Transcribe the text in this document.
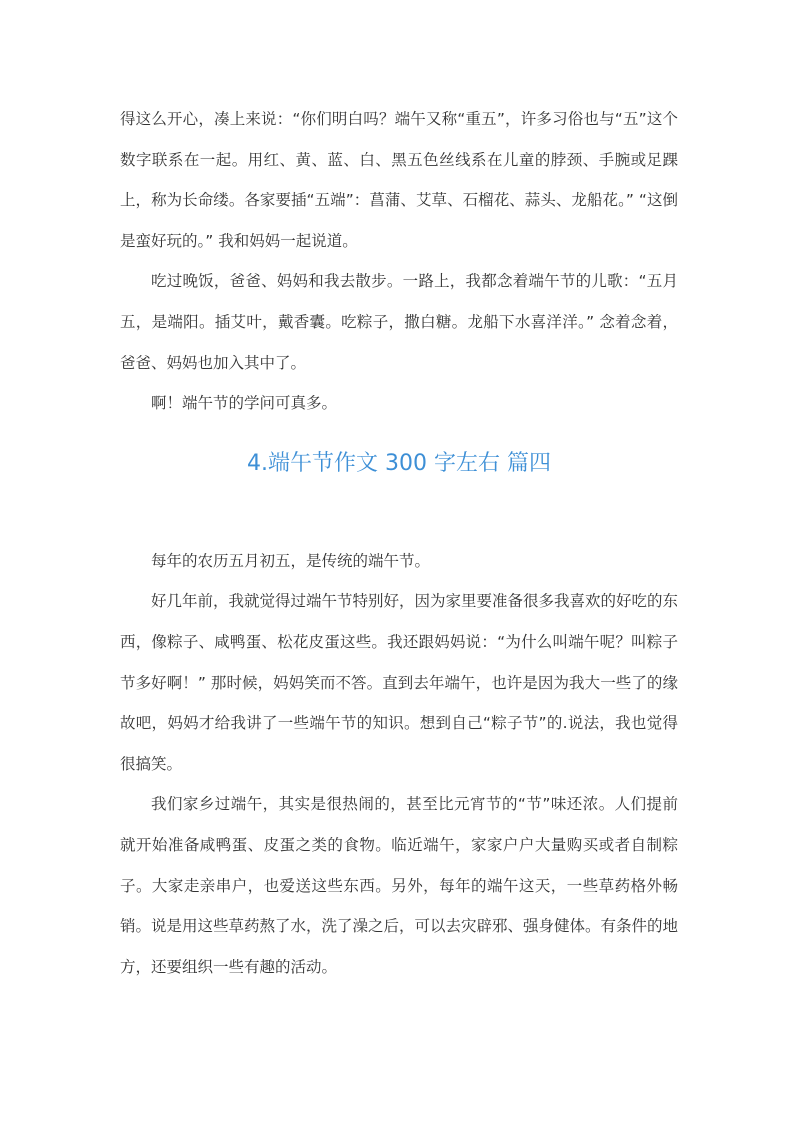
得这么开心，凑上来说：“你们明白吗？端午又称“重五”，许多习俗也与“五”这个数字联系在一起。用红、黄、蓝、白、黑五色丝线系在儿童的脖颈、手腕或足踝上，称为长命缕。各家要插“五端”：菖蒲、艾草、石榴花、蒜头、龙船花。” “这倒是蛮好玩的。” 我和妈妈一起说道。

吃过晚饭，爸爸、妈妈和我去散步。一路上，我都念着端午节的儿歌：“五月五，是端阳。插艾叶，戴香囊。吃粽子，撒白糖。龙船下水喜洋洋。” 念着念着，爸爸、妈妈也加入其中了。

啊！端午节的学问可真多。

4.端午节作文 300 字左右 篇四

每年的农历五月初五，是传统的端午节。

好几年前，我就觉得过端午节特别好，因为家里要准备很多我喜欢的好吃的东西，像粽子、咸鸭蛋、松花皮蛋这些。我还跟妈妈说：“为什么叫端午呢？叫粽子节多好啊！” 那时候，妈妈笑而不答。直到去年端午，也许是因为我大一些了的缘故吧，妈妈才给我讲了一些端午节的知识。想到自己“粽子节”的.说法，我也觉得很搞笑。

我们家乡过端午，其实是很热闹的，甚至比元宵节的“节”味还浓。人们提前就开始准备咸鸭蛋、皮蛋之类的食物。临近端午，家家户户大量购买或者自制粽子。大家走亲串户，也爱送这些东西。另外，每年的端午这天，一些草药格外畅销。说是用这些草药熬了水，洗了澡之后，可以去灾辟邪、强身健体。有条件的地方，还要组织一些有趣的活动。
